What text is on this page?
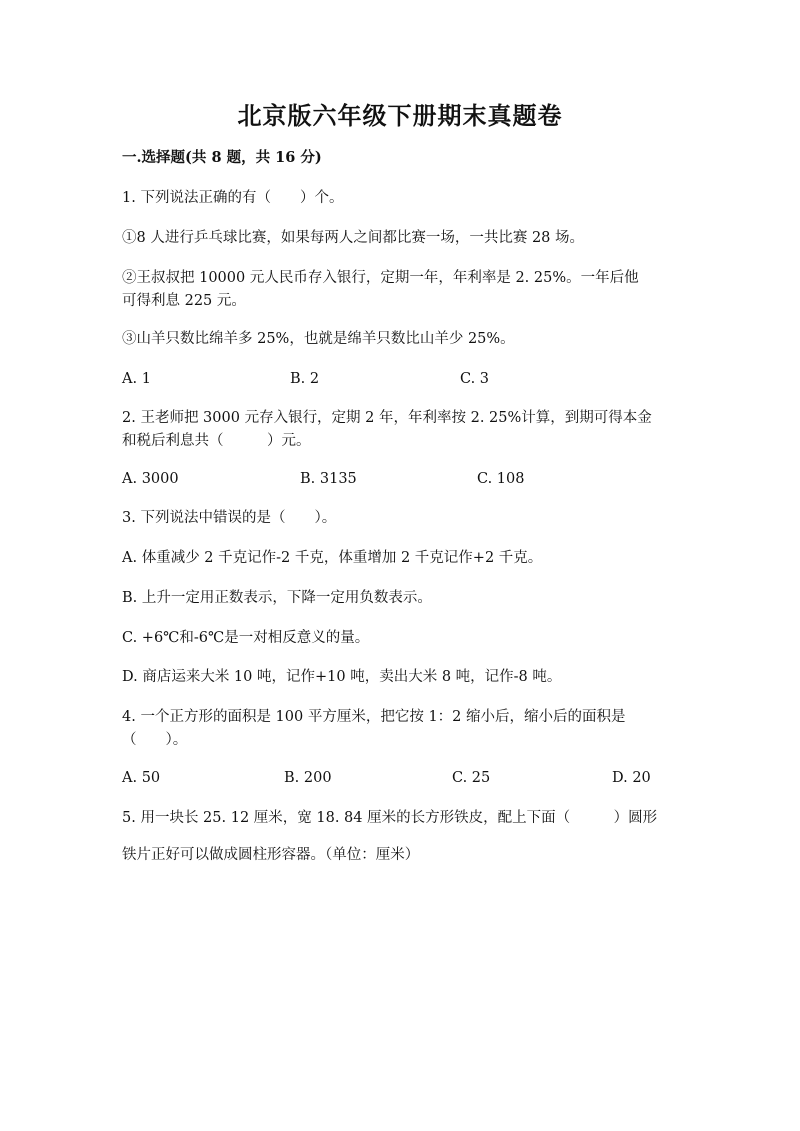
北京版六年级下册期末真题卷
一.选择题(共 8 题，共 16 分)
1. 下列说法正确的有（　　）个。
①8 人进行乒乓球比赛，如果每两人之间都比赛一场，一共比赛 28 场。
②王叔叔把 10000 元人民币存入银行，定期一年，年利率是 2. 25%。一年后他
可得利息 225 元。
③山羊只数比绵羊多 25%，也就是绵羊只数比山羊少 25%。
A. 1	B. 2	C. 3
2. 王老师把 3000 元存入银行，定期 2 年，年利率按 2. 25%计算，到期可得本金
和税后利息共（　　　）元。
A. 3000	B. 3135	C. 108
3. 下列说法中错误的是（　　）。
A. 体重减少 2 千克记作-2 千克，体重增加 2 千克记作+2 千克。
B. 上升一定用正数表示，下降一定用负数表示。
C. +6℃和-6℃是一对相反意义的量。
D. 商店运来大米 10 吨，记作+10 吨，卖出大米 8 吨，记作-8 吨。
4. 一个正方形的面积是 100 平方厘米，把它按 1：2 缩小后，缩小后的面积是
（　　）。
A. 50	B. 200	C. 25	D. 20
5. 用一块长 25. 12 厘米，宽 18. 84 厘米的长方形铁皮，配上下面（　　　）圆形
铁片正好可以做成圆柱形容器。（单位：厘米）
